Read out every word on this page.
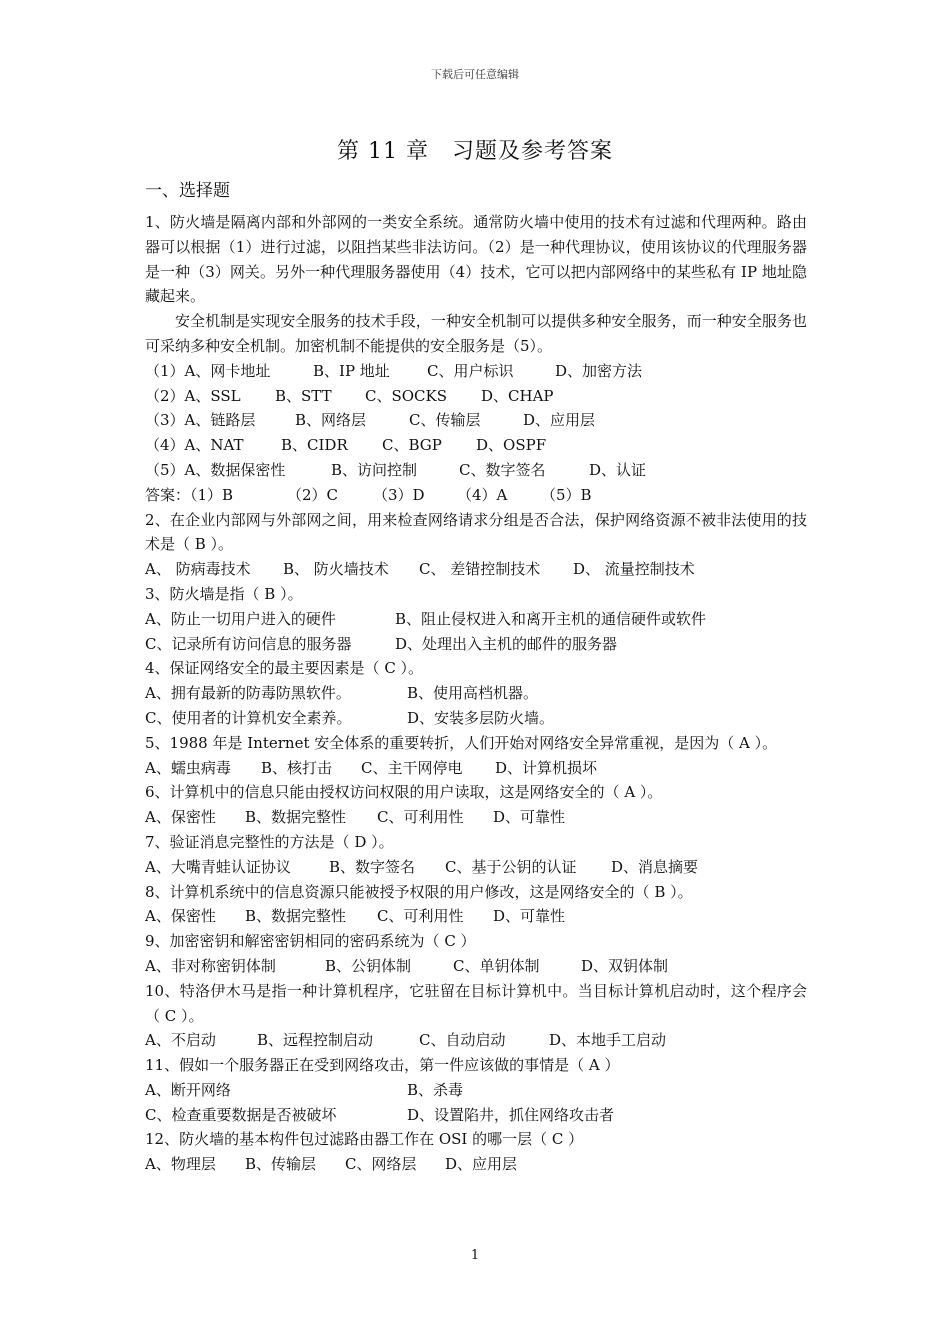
下载后可任意编辑
第 11 章　习题及参考答案
一、选择题
1、防火墙是隔离内部和外部网的一类安全系统。通常防火墙中使用的技术有过滤和代理两种。路由器可以根据（1）进行过滤，以阻挡某些非法访问。（2）是一种代理协议，使用该协议的代理服务器是一种（3）网关。另外一种代理服务器使用（4）技术，它可以把内部网络中的某些私有 IP 地址隐藏起来。
安全机制是实现安全服务的技术手段，一种安全机制可以提供多种安全服务，而一种安全服务也可采纳多种安全机制。加密机制不能提供的安全服务是（5）。
（1）A、网卡地址	B、IP 地址	C、用户标识	D、加密方法
（2）A、SSL	B、STT	C、SOCKS	D、CHAP
（3）A、链路层	B、网络层	C、传输层	D、应用层
（4）A、NAT	B、CIDR	C、BGP	D、OSPF
（5）A、数据保密性	B、访问控制	C、数字签名	D、认证
答案：（1）B	（2）C	（3）D	（4）A	（5）B
2、在企业内部网与外部网之间，用来检查网络请求分组是否合法，保护网络资源不被非法使用的技术是（ B ）。
A、 防病毒技术	B、 防火墙技术	C、 差错控制技术	D、 流量控制技术
3、防火墙是指（ B ）。
A、防止一切用户进入的硬件	B、阻止侵权进入和离开主机的通信硬件或软件
C、记录所有访问信息的服务器	D、处理出入主机的邮件的服务器
4、保证网络安全的最主要因素是（ C ）。
A、拥有最新的防毒防黑软件。	B、使用高档机器。
C、使用者的计算机安全素养。	D、安装多层防火墙。
5、1988 年是 Internet 安全体系的重要转折，人们开始对网络安全异常重视，是因为（ A ）。
A、蠕虫病毒	B、核打击	C、主干网停电	D、计算机损坏
6、计算机中的信息只能由授权访问权限的用户读取，这是网络安全的（ A ）。
A、保密性	B、数据完整性	C、可利用性	D、可靠性
7、验证消息完整性的方法是（ D ）。
A、大嘴青蛙认证协议	B、数字签名	C、基于公钥的认证	D、消息摘要
8、计算机系统中的信息资源只能被授予权限的用户修改，这是网络安全的（ B ）。
A、保密性	B、数据完整性	C、可利用性	D、可靠性
9、加密密钥和解密密钥相同的密码系统为（ C ）
A、非对称密钥体制	B、公钥体制	C、单钥体制	D、双钥体制
10、特洛伊木马是指一种计算机程序，它驻留在目标计算机中。当目标计算机启动时，这个程序会（ C ）。
A、不启动	B、远程控制启动	C、自动启动	D、本地手工启动
11、假如一个服务器正在受到网络攻击，第一件应该做的事情是（ A ）
A、断开网络	B、杀毒
C、检查重要数据是否被破坏	D、设置陷井，抓住网络攻击者
12、防火墙的基本构件包过滤路由器工作在 OSI 的哪一层（ C ）
A、物理层	B、传输层	C、网络层	D、应用层
1
